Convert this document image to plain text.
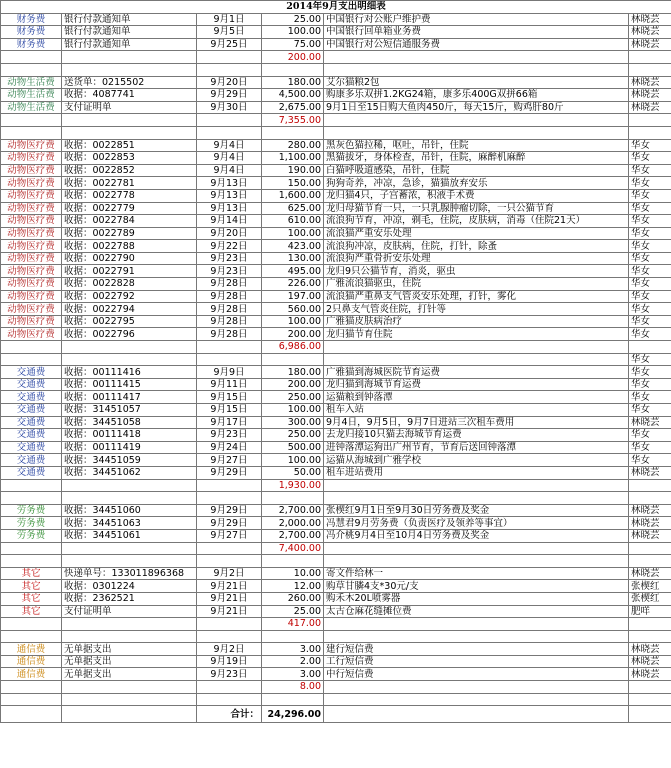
2014年9月支出明细表					
财务费	银行付款通知单	9月1日	25.00	中国银行对公账户维护费	林晓芸
财务费	银行付款通知单	9月5日	100.00	中国银行回单箱业务费	林晓芸
财务费	银行付款通知单	9月25日	75.00	中国银行对公短信通服务费	林晓芸
			200.00		

动物生活费	送货单：0215502	9月20日	180.00	艾尔猫粮2包	林晓芸
动物生活费	收据：4087741	9月29日	4,500.00	购康多乐双拼1.2KG24箱，康多乐400G双拼66箱	林晓芸
动物生活费	支付证明单	9月30日	2,675.00	9月1日至15日购大鱼肉450斤，每天15斤，购鸡肝80斤	林晓芸
			7,355.00		

动物医疗费	收据：0022851	9月4日	280.00	黑灰色猫拉稀，呕吐，吊针，住院	华女
动物医疗费	收据：0022853	9月4日	1,100.00	黑猫拔牙，身体检查，吊针，住院，麻醉机麻醉	华女
动物医疗费	收据：0022852	9月4日	190.00	白猫呼吸道感染，吊针，住院	华女
动物医疗费	收据：0022781	9月13日	150.00	狗狗奇养，冲凉，急诊，猫猫放弃安乐	华女
动物医疗费	收据：0022778	9月13日	1,600.00	龙归猫4只，子宫蓄浓，积液手术费	华女
动物医疗费	收据：0022779	9月13日	625.00	龙归母猫节育一只，一只乳腺肿瘤切除，一只公猫节育	华女
动物医疗费	收据：0022784	9月14日	610.00	流浪狗节育，冲凉，剃毛，住院，皮肤病，消毒（住院21天）	华女
动物医疗费	收据：0022789	9月20日	100.00	流浪猫严重安乐处理	华女
动物医疗费	收据：0022788	9月22日	423.00	流浪狗冲凉，皮肤病，住院，打针，除蚤	华女
动物医疗费	收据：0022790	9月23日	130.00	流浪狗严重骨折安乐处理	华女
动物医疗费	收据：0022791	9月23日	495.00	龙归9只公猫节育，消炎，驱虫	华女
动物医疗费	收据：0022828	9月28日	226.00	广雅流浪猫驱虫，住院	华女
动物医疗费	收据：0022792	9月28日	197.00	流浪猫严重鼻支气管炎安乐处理，打针，雾化	华女
动物医疗费	收据：0022794	9月28日	560.00	2只鼻支气管炎住院，打针等	华女
动物医疗费	收据：0022795	9月28日	100.00	广雅猫皮肤病治疗	华女
动物医疗费	收据：0022796	9月28日	200.00	龙归猫节育住院	华女
			6,986.00		
					华女
交通费	收据：00111416	9月9日	180.00	广雅猫到海城医院节育运费	华女
交通费	收据：00111415	9月11日	200.00	龙归猫到海城节育运费	华女
交通费	收据：00111417	9月15日	250.00	运猫粮到钟落潭	华女
交通费	收据：31451057	9月15日	100.00	租车入站	华女
交通费	收据：34451058	9月17日	300.00	9月4日，9月5日，9月7日进站三次租车费用	林晓芸
交通费	收据：00111418	9月23日	250.00	去龙归接10只猫去海城节育运费	华女
交通费	收据：00111419	9月24日	500.00	进钟落潭运狗出广州节育，节育后送回钟落潭	华女
交通费	收据：34451059	9月27日	100.00	运猫从海城到广雅学校	华女
交通费	收据：34451062	9月29日	50.00	租车进站费用	林晓芸
			1,930.00		

劳务费	收据：34451060	9月29日	2,700.00	张楔红9月1日至9月30日劳务费及奖金	林晓芸
劳务费	收据：34451063	9月29日	2,000.00	冯慧君9月劳务费（负责医疗及领养等事宜）	林晓芸
劳务费	收据：34451061	9月27日	2,700.00	冯介桃9月4日至10月4日劳务费及奖金	林晓芸
			7,400.00		

其它	快递单号：13301189636​8	9月2日	10.00	寄文件给林一	林晓芸
其它	收据：0301224	9月21日	12.00	购草甘膦4支*30元/支	张楔红
其它	收据：2362521	9月21日	260.00	购禾木20L喷雾器	张楔红
其它	支付证明单	9月21日	25.00	太古仓麻花缝摊位费	肥咩
			417.00		

通信费	无单据支出	9月2日	3.00	建行短信费	林晓芸
通信费	无单据支出	9月19日	2.00	工行短信费	林晓芸
通信费	无单据支出	9月23日	3.00	中行短信费	林晓芸
			8.00		

		合计：	24,296.00		
